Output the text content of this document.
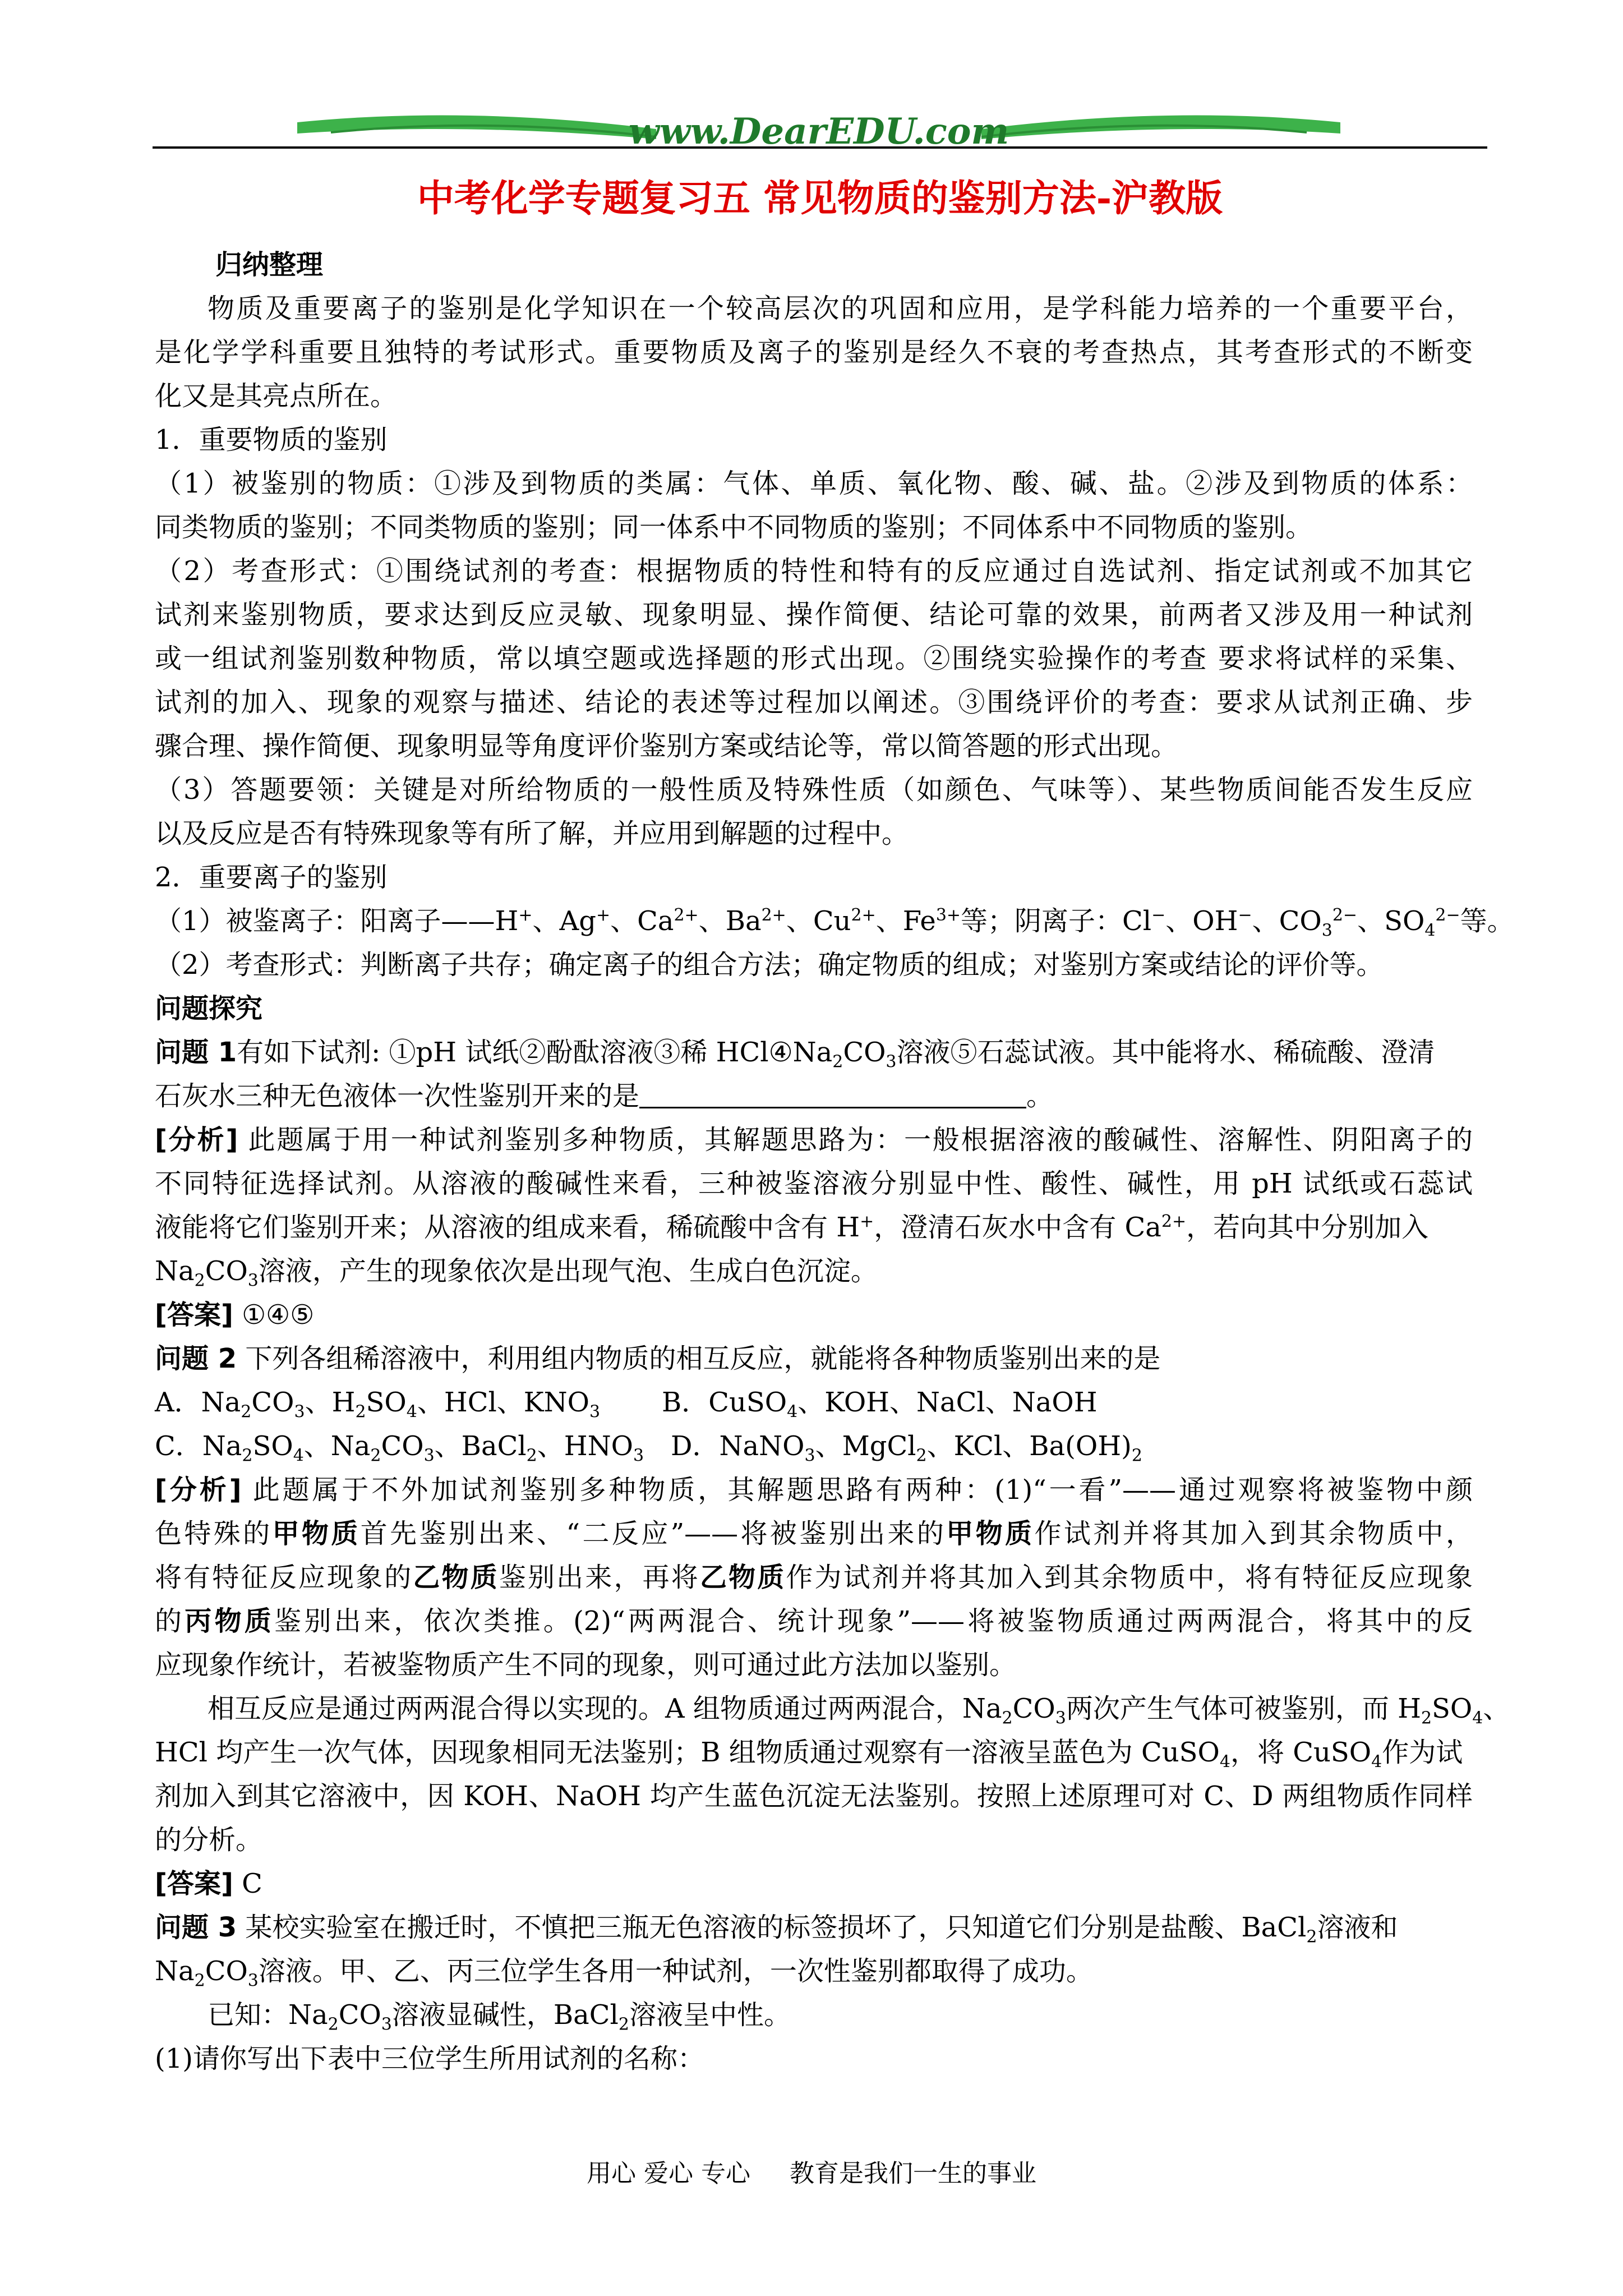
www.DearEDU.com
中考化学专题复习五 常见物质的鉴别方法-沪教版
归纳整理
物质及重要离子的鉴别是化学知识在一个较高层次的巩固和应用，是学科能力培养的一个重要平台，
是化学学科重要且独特的考试形式。重要物质及离子的鉴别是经久不衰的考查热点，其考查形式的不断变
化又是其亮点所在。
1．重要物质的鉴别
（1）被鉴别的物质：①涉及到物质的类属：气体、单质、氧化物、酸、碱、盐。②涉及到物质的体系：
同类物质的鉴别；不同类物质的鉴别；同一体系中不同物质的鉴别；不同体系中不同物质的鉴别。
（2）考查形式：①围绕试剂的考查：根据物质的特性和特有的反应通过自选试剂、指定试剂或不加其它
试剂来鉴别物质，要求达到反应灵敏、现象明显、操作简便、结论可靠的效果，前两者又涉及用一种试剂
或一组试剂鉴别数种物质，常以填空题或选择题的形式出现。②围绕实验操作的考查 要求将试样的采集、
试剂的加入、现象的观察与描述、结论的表述等过程加以阐述。③围绕评价的考查：要求从试剂正确、步
骤合理、操作简便、现象明显等角度评价鉴别方案或结论等，常以简答题的形式出现。
（3）答题要领：关键是对所给物质的一般性质及特殊性质（如颜色、气味等）、某些物质间能否发生反应
以及反应是否有特殊现象等有所了解，并应用到解题的过程中。
2．重要离子的鉴别
（1）被鉴离子：阳离子——H+、Ag+、$Ca^{2+}$、$Ba^{2+}$、$Cu^{2+}$、$Fe^{3+}$等；阴离子：Cl−、OH−、$CO_3^{2-}$、$SO_4^{2-}$等。
（2）考查形式：判断离子共存；确定离子的组合方法；确定物质的组成；对鉴别方案或结论的评价等。
问题探究
问题 1有如下试剂: ①pH 试纸②酚酞溶液③稀 $HCl④Na_2CO_3$溶液⑤石蕊试液。其中能将水、稀硫酸、澄清
石灰水三种无色液体一次性鉴别开来的是	。
[分析] 此题属于用一种试剂鉴别多种物质，其解题思路为：一般根据溶液的酸碱性、溶解性、阴阳离子的
不同特征选择试剂。从溶液的酸碱性来看，三种被鉴溶液分别显中性、酸性、碱性，用 pH 试纸或石蕊试
液能将它们鉴别开来；从溶液的组成来看，稀硫酸中含有 H+，澄清石灰水中含有 $Ca^{2+}$，若向其中分别加入
$Na_2CO_3$溶液，产生的现象依次是出现气泡、生成白色沉淀。
[答案] ①④⑤
问题 2 下列各组稀溶液中，利用组内物质的相互反应，就能将各种物质鉴别出来的是
A．$Na_2CO_3$、$H_2SO_4$、HCl、$KNO_3$ B．CuSO$_4$、KOH、NaCl、NaOH
C．$Na_2SO_4$、$Na_2CO_3$、BaCl$_2$、$HNO_3$ D．NaNO$_3$、MgCl$_2$、KCl、$Ba(OH)_2$
[分析] 此题属于不外加试剂鉴别多种物质，其解题思路有两种：(1)“一看”——通过观察将被鉴物中颜
色特殊的甲物质首先鉴别出来、“二反应”——将被鉴别出来的甲物质作试剂并将其加入到其余物质中，
将有特征反应现象的乙物质鉴别出来，再将乙物质作为试剂并将其加入到其余物质中，将有特征反应现象
的丙物质鉴别出来，依次类推。(2)“两两混合、统计现象”——将被鉴物质通过两两混合，将其中的反
应现象作统计，若被鉴物质产生不同的现象，则可通过此方法加以鉴别。
相互反应是通过两两混合得以实现的。A 组物质通过两两混合，$Na_2CO_3$两次产生气体可被鉴别，而 $H_2SO_4$、
HCl 均产生一次气体，因现象相同无法鉴别；B 组物质通过观察有一溶液呈蓝色为 CuSO$_4$，将 CuSO$_4$作为试
剂加入到其它溶液中，因 KOH、NaOH 均产生蓝色沉淀无法鉴别。按照上述原理可对 C、D 两组物质作同样
的分析。
[答案] C
问题 3 某校实验室在搬迁时，不慎把三瓶无色溶液的标签损坏了，只知道它们分别是盐酸、BaCl$_2$溶液和
$Na_2CO_3$溶液。甲、乙、丙三位学生各用一种试剂，一次性鉴别都取得了成功。
已知：$Na_2CO_3$溶液显碱性，BaCl$_2$溶液呈中性。
(1)请你写出下表中三位学生所用试剂的名称：
用心 爱心 专心     教育是我们一生的事业
